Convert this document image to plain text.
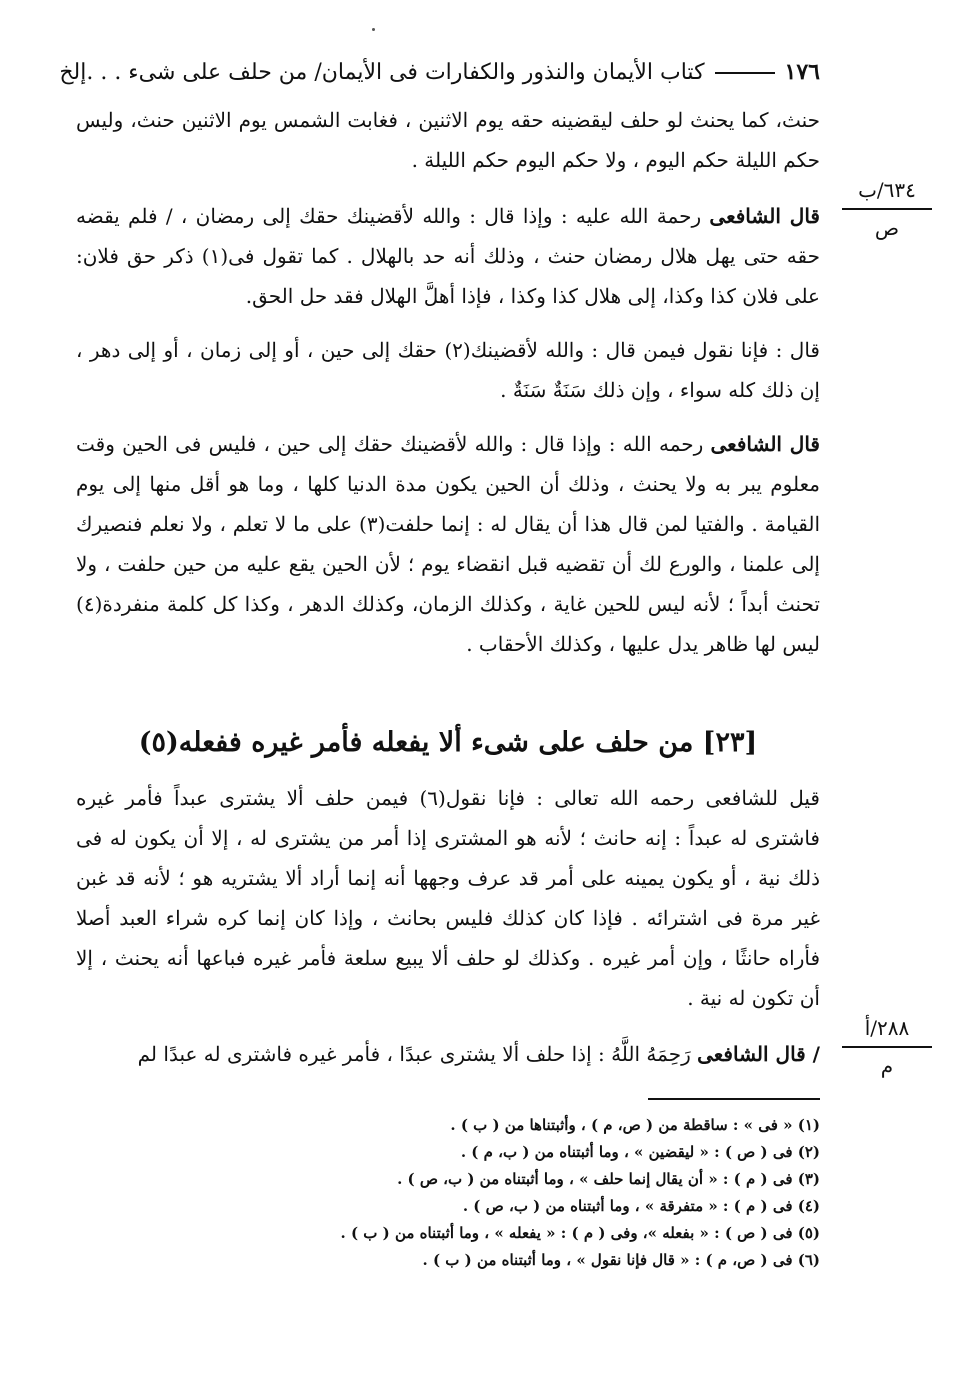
١٧٦كتاب الأيمان والنذور والكفارات فى الأيمان/ من حلف على شىء . . .إلخ
حنث، كما يحنث لو حلف ليقضينه حقه يوم الاثنين ، فغابت الشمس يوم الاثنين حنث، وليس حكم الليلة حكم اليوم ، ولا حكم اليوم حكم الليلة .
قال الشافعى رحمة الله عليه : وإذا قال : والله لأقضينك حقك إلى رمضان ، / فلم يقضه حقه حتى يهل هلال رمضان حنث ، وذلك أنه حد بالهلال . كما تقول فى(١) ذكر حق فلان: على فلان كذا وكذا، إلى هلال كذا وكذا ، فإذا أهلَّ الهلال فقد حل الحق.
قال : فإنا نقول فيمن قال : والله لأقضينك(٢) حقك إلى حين ، أو إلى زمان ، أو إلى دهر ، إن ذلك كله سواء ، وإن ذلك سَنَةٌ سَنَةٌ .
قال الشافعى رحمه الله : وإذا قال : والله لأقضينك حقك إلى حين ، فليس فى الحين وقت معلوم يبر به ولا يحنث ، وذلك أن الحين يكون مدة الدنيا كلها ، وما هو أقل منها إلى يوم القيامة . والفتيا لمن قال هذا أن يقال له : إنما حلفت(٣) على ما لا تعلم ، ولا نعلم فنصيرك إلى علمنا ، والورع لك أن تقضيه قبل انقضاء يوم ؛ لأن الحين يقع عليه من حين حلفت ، ولا تحنث أبداً ؛ لأنه ليس للحين غاية ، وكذلك الزمان، وكذلك الدهر ، وكذا كل كلمة منفردة(٤) ليس لها ظاهر يدل عليها ، وكذلك الأحقاب .
[٢٣] من حلف على شىء ألا يفعله فأمر غيره ففعله(٥)
قيل للشافعى رحمه الله تعالى : فإنا نقول(٦) فيمن حلف ألا يشترى عبداً فأمر غيره فاشترى له عبداً : إنه حانث ؛ لأنه هو المشترى إذا أمر من يشترى له ، إلا أن يكون له فى ذلك نية ، أو يكون يمينه على أمر قد عرف وجهها أنه إنما أراد ألا يشتريه هو ؛ لأنه قد غبن غير مرة فى اشترائه . فإذا كان كذلك فليس بحانث ، وإذا كان إنما كره شراء العبد أصلا فأراه حانثًا ، وإن أمر غيره . وكذلك لو حلف ألا يبيع سلعة فأمر غيره فباعها أنه يحنث ، إلا أن تكون له نية .
/ قال الشافعى رَحِمَهُ اللَّهُ : إذا حلف ألا يشترى عبدًا ، فأمر غيره فاشترى له عبدًا لم
٦٣٤/ب
ص
٢٨٨/أ
م
(١) « فى » : ساقطة من ( ص، م ) ، وأثبتناها من ( ب ) .
(٢) فى ( ص ) : « ليقضين » ، وما أثبتناه من ( ب، م ) .
(٣) فى ( م ) : « أن يقال إنما حلف » ، وما أثبتناه من ( ب، ص ) .
(٤) فى ( م ) : « متفرقة » ، وما أثبتناه من ( ب، ص ) .
(٥) فى ( ص ) : « بفعله »، وفى ( م ) : « يفعله » ، وما أثبتناه من ( ب ) .
(٦) فى ( ص، م ) : « قال فإنا نقول » ، وما أثبتناه من ( ب ) .
